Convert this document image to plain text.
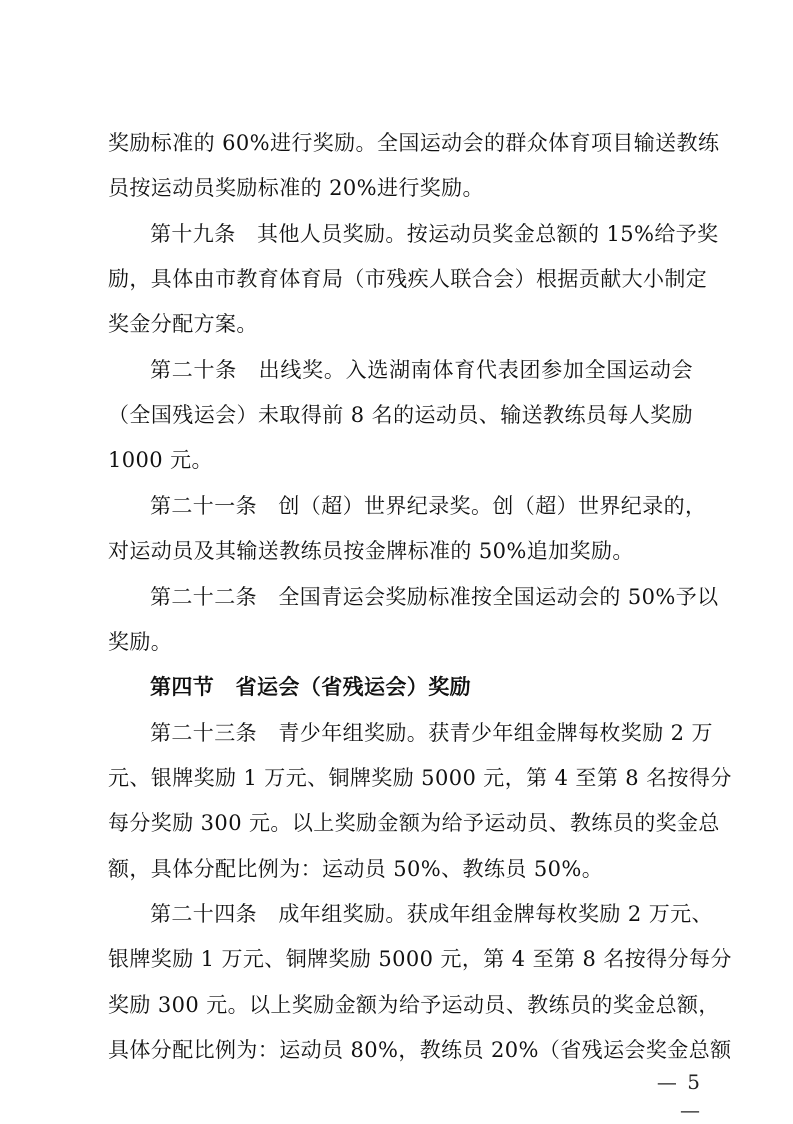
奖励标准的 60%进行奖励。全国运动会的群众体育项目输送教练
员按运动员奖励标准的 20%进行奖励。
第十九条　其他人员奖励。按运动员奖金总额的 15%给予奖
励，具体由市教育体育局（市残疾人联合会）根据贡献大小制定
奖金分配方案。
第二十条　出线奖。入选湖南体育代表团参加全国运动会
（全国残运会）未取得前 8 名的运动员、输送教练员每人奖励
1000 元。
第二十一条　创（超）世界纪录奖。创（超）世界纪录的，
对运动员及其输送教练员按金牌标准的 50%追加奖励。
第二十二条　全国青运会奖励标准按全国运动会的 50%予以
奖励。
第四节　省运会（省残运会）奖励
第二十三条　青少年组奖励。获青少年组金牌每枚奖励 2 万
元、银牌奖励 1 万元、铜牌奖励 5000 元，第 4 至第 8 名按得分
每分奖励 300 元。以上奖励金额为给予运动员、教练员的奖金总
额，具体分配比例为：运动员 50%、教练员 50%。
第二十四条　成年组奖励。获成年组金牌每枚奖励 2 万元、
银牌奖励 1 万元、铜牌奖励 5000 元，第 4 至第 8 名按得分每分
奖励 300 元。以上奖励金额为给予运动员、教练员的奖金总额，
具体分配比例为：运动员 80%，教练员 20%（省残运会奖金总额
— 5 —
